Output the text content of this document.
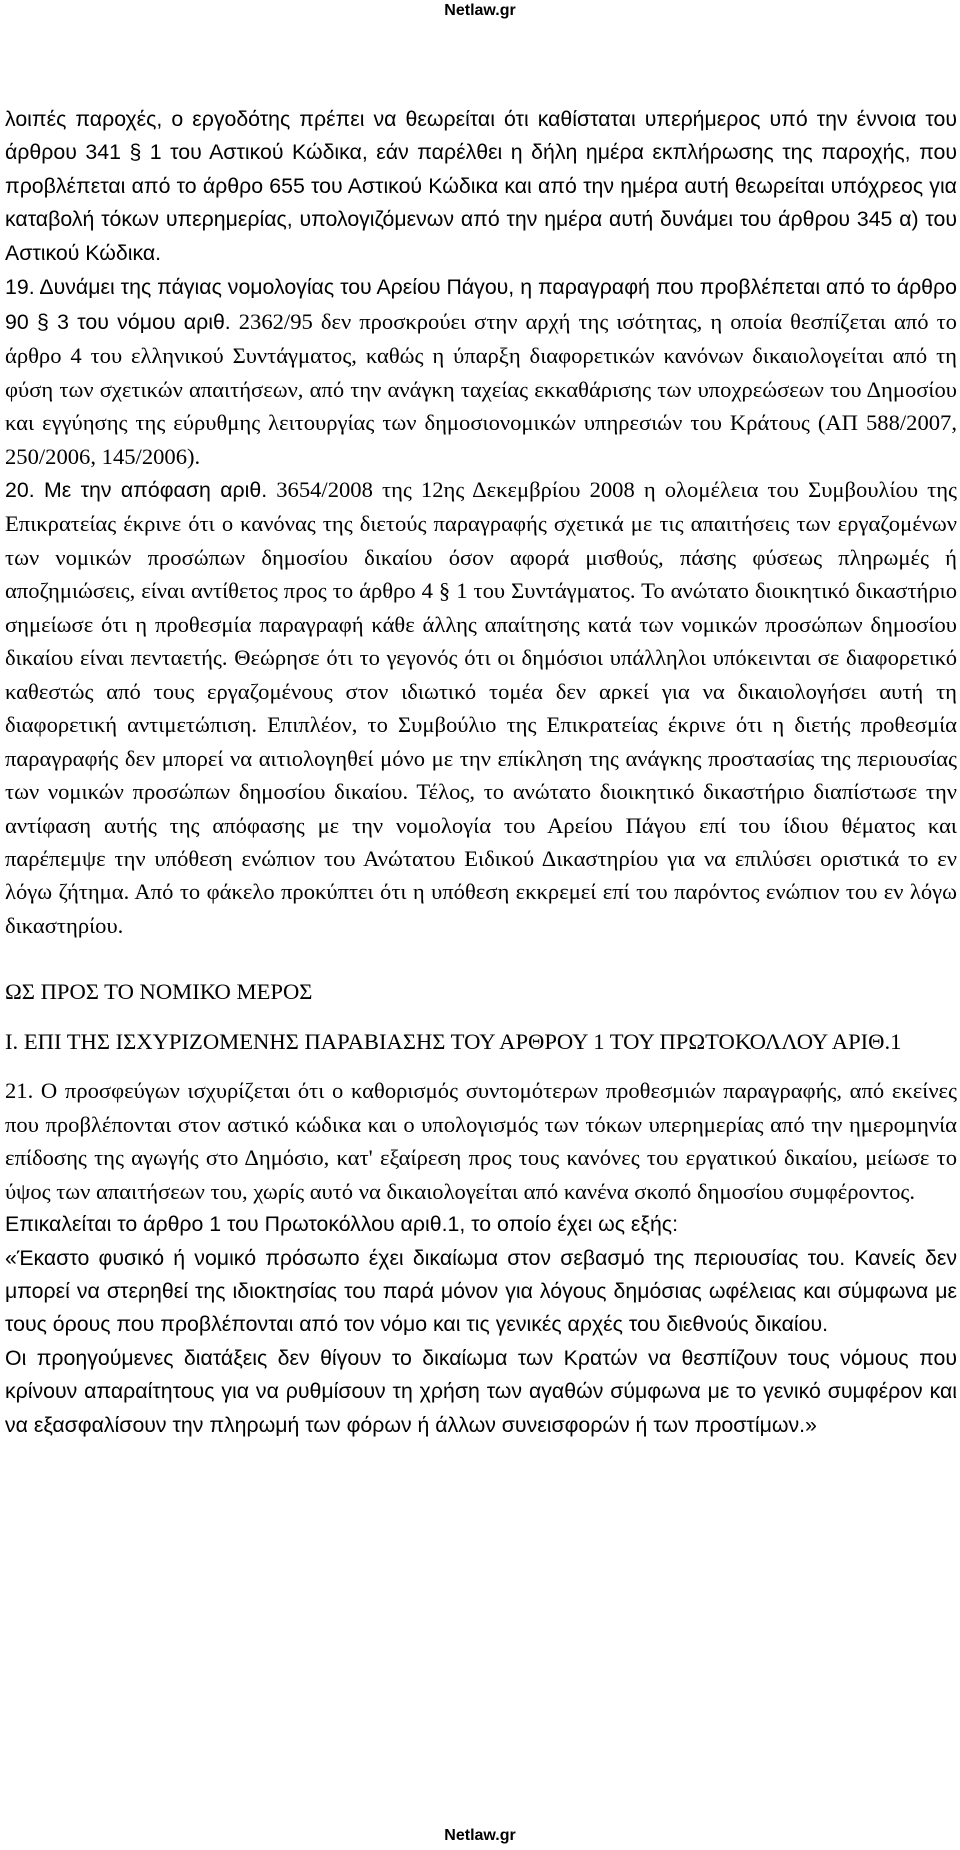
Netlaw.gr

λοιπές παροχές, ο εργοδότης πρέπει να θεωρείται ότι καθίσταται υπερήμερος υπό την έννοια του άρθρου 341 § 1 του Αστικού Κώδικα, εάν παρέλθει η δήλη ημέρα εκπλήρωσης της παροχής, που προβλέπεται από το άρθρο 655 του Αστικού Κώδικα και από την ημέρα αυτή θεωρείται υπόχρεος για καταβολή τόκων υπερημερίας, υπολογιζόμενων από την ημέρα αυτή δυνάμει του άρθρου 345 α) του Αστικού Κώδικα.

19. Δυνάμει της πάγιας νομολογίας του Αρείου Πάγου, η παραγραφή που προβλέπεται από το άρθρο 90 § 3 του νόμου αριθ. 2362/95 δεν προσκρούει στην αρχή της ισότητας, η οποία θεσπίζεται από το άρθρο 4 του ελληνικού Συντάγματος, καθώς η ύπαρξη διαφορετικών κανόνων δικαιολογείται από τη φύση των σχετικών απαιτήσεων, από την ανάγκη ταχείας εκκαθάρισης των υποχρεώσεων του Δημοσίου και εγγύησης της εύρυθμης λειτουργίας των δημοσιονομικών υπηρεσιών του Κράτους (ΑΠ 588/2007, 250/2006, 145/2006).

20. Με την απόφαση αριθ. 3654/2008 της 12ης Δεκεμβρίου 2008 η ολομέλεια του Συμβουλίου της Επικρατείας έκρινε ότι ο κανόνας της διετούς παραγραφής σχετικά με τις απαιτήσεις των εργαζομένων των νομικών προσώπων δημοσίου δικαίου όσον αφορά μισθούς, πάσης φύσεως πληρωμές ή αποζημιώσεις, είναι αντίθετος προς το άρθρο 4 § 1 του Συντάγματος. Το ανώτατο διοικητικό δικαστήριο σημείωσε ότι η προθεσμία παραγραφή κάθε άλλης απαίτησης κατά των νομικών προσώπων δημοσίου δικαίου είναι πενταετής. Θεώρησε ότι το γεγονός ότι οι δημόσιοι υπάλληλοι υπόκεινται σε διαφορετικό καθεστώς από τους εργαζομένους στον ιδιωτικό τομέα δεν αρκεί για να δικαιολογήσει αυτή τη διαφορετική αντιμετώπιση. Επιπλέον, το Συμβούλιο της Επικρατείας έκρινε ότι η διετής προθεσμία παραγραφής δεν μπορεί να αιτιολογηθεί μόνο με την επίκληση της ανάγκης προστασίας της περιουσίας των νομικών προσώπων δημοσίου δικαίου. Τέλος, το ανώτατο διοικητικό δικαστήριο διαπίστωσε την αντίφαση αυτής της απόφασης με την νομολογία του Αρείου Πάγου επί του ίδιου θέματος και παρέπεμψε την υπόθεση ενώπιον του Ανώτατου Ειδικού Δικαστηρίου για να επιλύσει οριστικά το εν λόγω ζήτημα. Από το φάκελο προκύπτει ότι η υπόθεση εκκρεμεί επί του παρόντος ενώπιον του εν λόγω δικαστηρίου.

ΩΣ ΠΡΟΣ ΤΟ ΝΟΜΙΚΟ ΜΕΡΟΣ

I. ΕΠΙ ΤΗΣ ΙΣΧΥΡΙΖΟΜΕΝΗΣ ΠΑΡΑΒΙΑΣΗΣ ΤΟΥ ΑΡΘΡΟΥ 1 ΤΟΥ ΠΡΩΤΟΚΟΛΛΟΥ ΑΡΙΘ.1

21. Ο προσφεύγων ισχυρίζεται ότι ο καθορισμός συντομότερων προθεσμιών παραγραφής, από εκείνες που προβλέπονται στον αστικό κώδικα και ο υπολογισμός των τόκων υπερημερίας από την ημερομηνία επίδοσης της αγωγής στο Δημόσιο, κατ' εξαίρεση προς τους κανόνες του εργατικού δικαίου, μείωσε το ύψος των απαιτήσεων του, χωρίς αυτό να δικαιολογείται από κανένα σκοπό δημοσίου συμφέροντος.

Επικαλείται το άρθρο 1 του Πρωτοκόλλου αριθ.1, το οποίο έχει ως εξής:

«Έκαστο φυσικό ή νομικό πρόσωπο έχει δικαίωμα στον σεβασμό της περιουσίας του. Κανείς δεν μπορεί να στερηθεί της ιδιοκτησίας του παρά μόνον για λόγους δημόσιας ωφέλειας και σύμφωνα με τους όρους που προβλέπονται από τον νόμο και τις γενικές αρχές του διεθνούς δικαίου.

Οι προηγούμενες διατάξεις δεν θίγουν το δικαίωμα των Κρατών να θεσπίζουν τους νόμους που κρίνουν απαραίτητους για να ρυθμίσουν τη χρήση των αγαθών σύμφωνα με το γενικό συμφέρον και να εξασφαλίσουν την πληρωμή των φόρων ή άλλων συνεισφορών ή των προστίμων.»

Netlaw.gr
